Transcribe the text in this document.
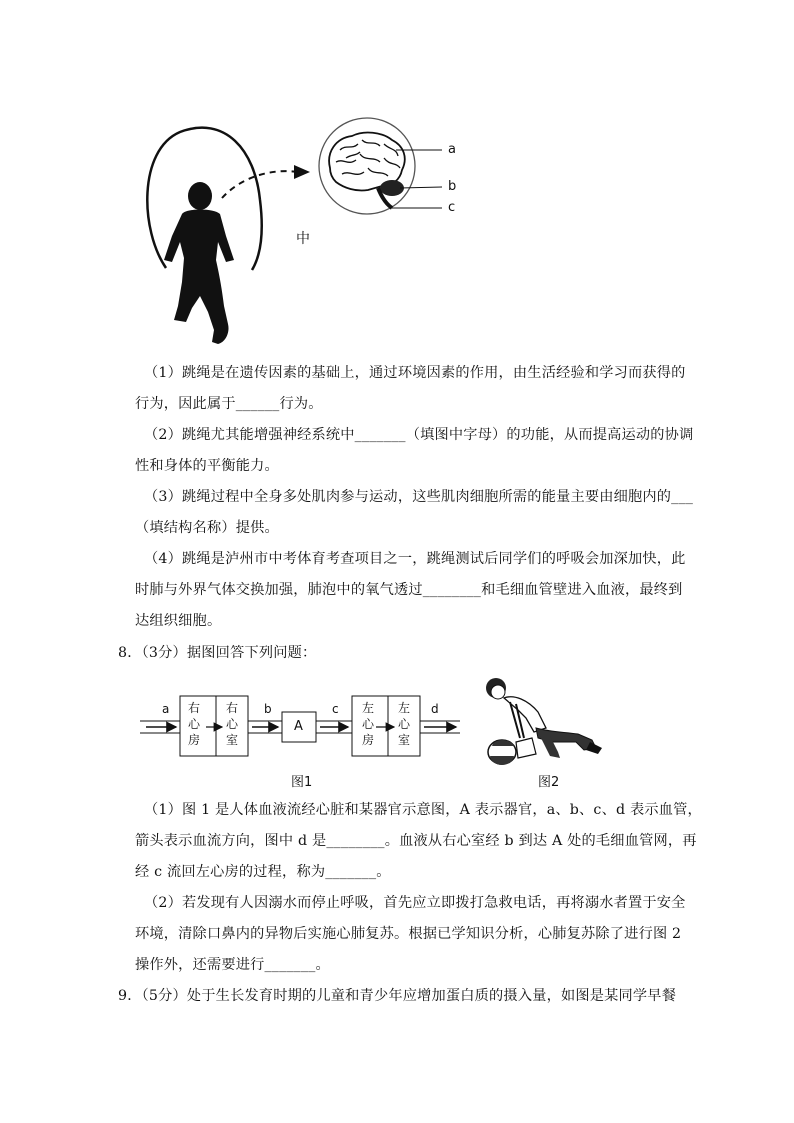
a
b
c
中
（1）跳绳是在遗传因素的基础上，通过环境因素的作用，由生活经验和学习而获得的
行为，因此属于______行为。
（2）跳绳尤其能增强神经系统中_______（填图中字母）的功能，从而提高运动的协调
性和身体的平衡能力。
（3）跳绳过程中全身多处肌肉参与运动，这些肌肉细胞所需的能量主要由细胞内的___
（填结构名称）提供。
（4）跳绳是泸州市中考体育考查项目之一，跳绳测试后同学们的呼吸会加深加快，此
时肺与外界气体交换加强，肺泡中的氧气透过________和毛细血管壁进入血液，最终到
达组织细胞。
8．（3分）据图回答下列问题：
a	b	c	d
右
心
房
右
心
室
A
左
心
房
左
心
室
图1	图2
（1）图 1 是人体血液流经心脏和某器官示意图，A 表示器官，a、b、c、d 表示血管，
箭头表示血流方向，图中 d 是________。血液从右心室经 b 到达 A 处的毛细血管网，再
经 c 流回左心房的过程，称为_______。
（2）若发现有人因溺水而停止呼吸，首先应立即拨打急救电话，再将溺水者置于安全
环境，清除口鼻内的异物后实施心肺复苏。根据已学知识分析，心肺复苏除了进行图 2
操作外，还需要进行_______。
9．（5分）处于生长发育时期的儿童和青少年应增加蛋白质的摄入量，如图是某同学早餐
